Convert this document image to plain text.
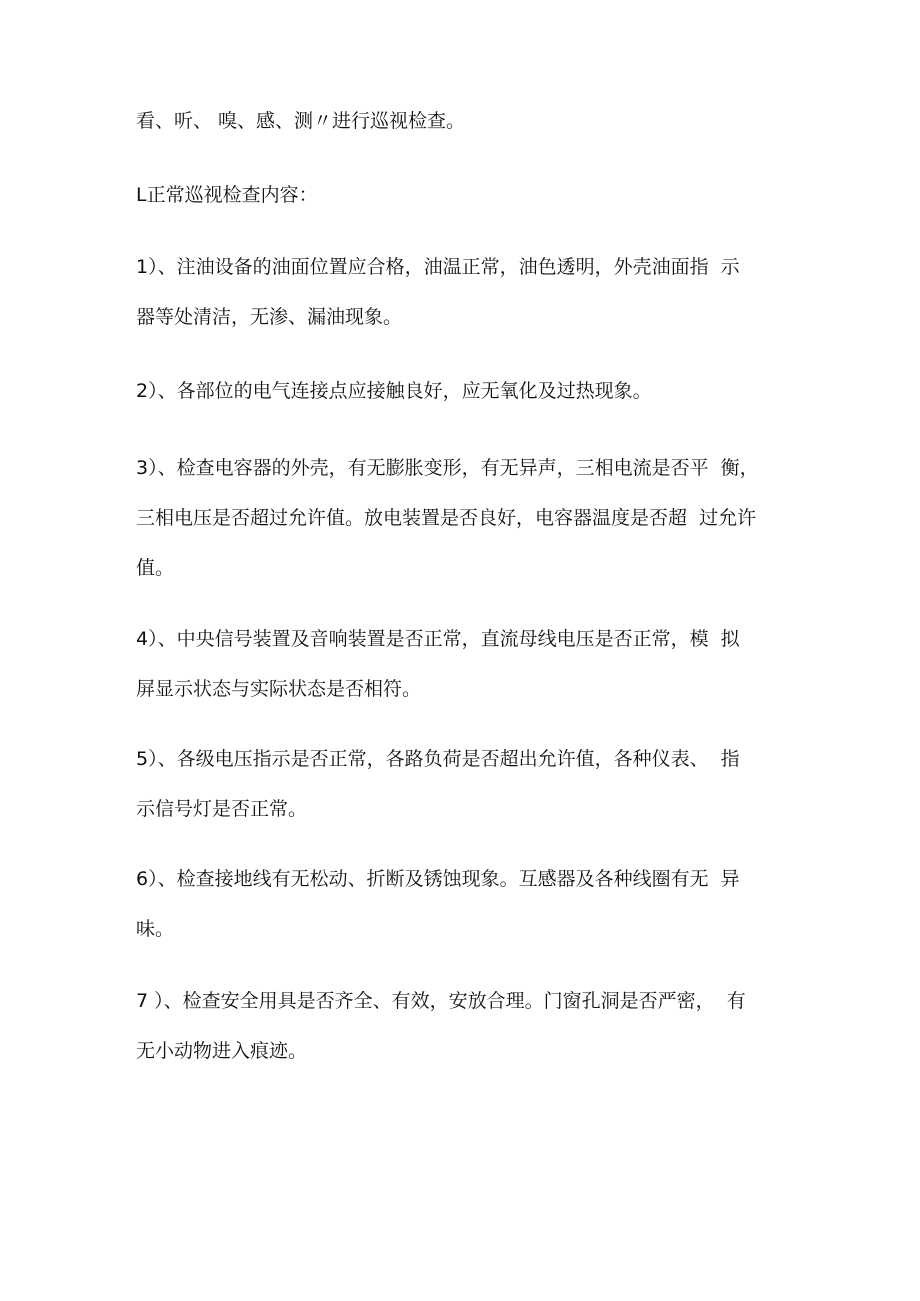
看、听、 嗅、感、测〃进行巡视检查。

L正常巡视检查内容：

1）、注油设备的油面位置应合格，油温正常，油色透明，外壳油面指  示
器等处清洁，无渗、漏油现象。

2）、各部位的电气连接点应接触良好，应无氧化及过热现象。

3）、检查电容器的外壳，有无膨胀变形，有无异声，三相电流是否平  衡，
三相电压是否超过允许值。放电装置是否良好，电容器温度是否超  过允许
值。

4）、中央信号装置及音响装置是否正常，直流母线电压是否正常，模  拟
屏显示状态与实际状态是否相符。

5）、各级电压指示是否正常，各路负荷是否超出允许值，各种仪表、  指
示信号灯是否正常。

6）、检查接地线有无松动、折断及锈蚀现象。互感器及各种线圈有无  异
味。

7 ）、检查安全用具是否齐全、有效，安放合理。门窗孔洞是否严密，  有
无小动物进入痕迹。
